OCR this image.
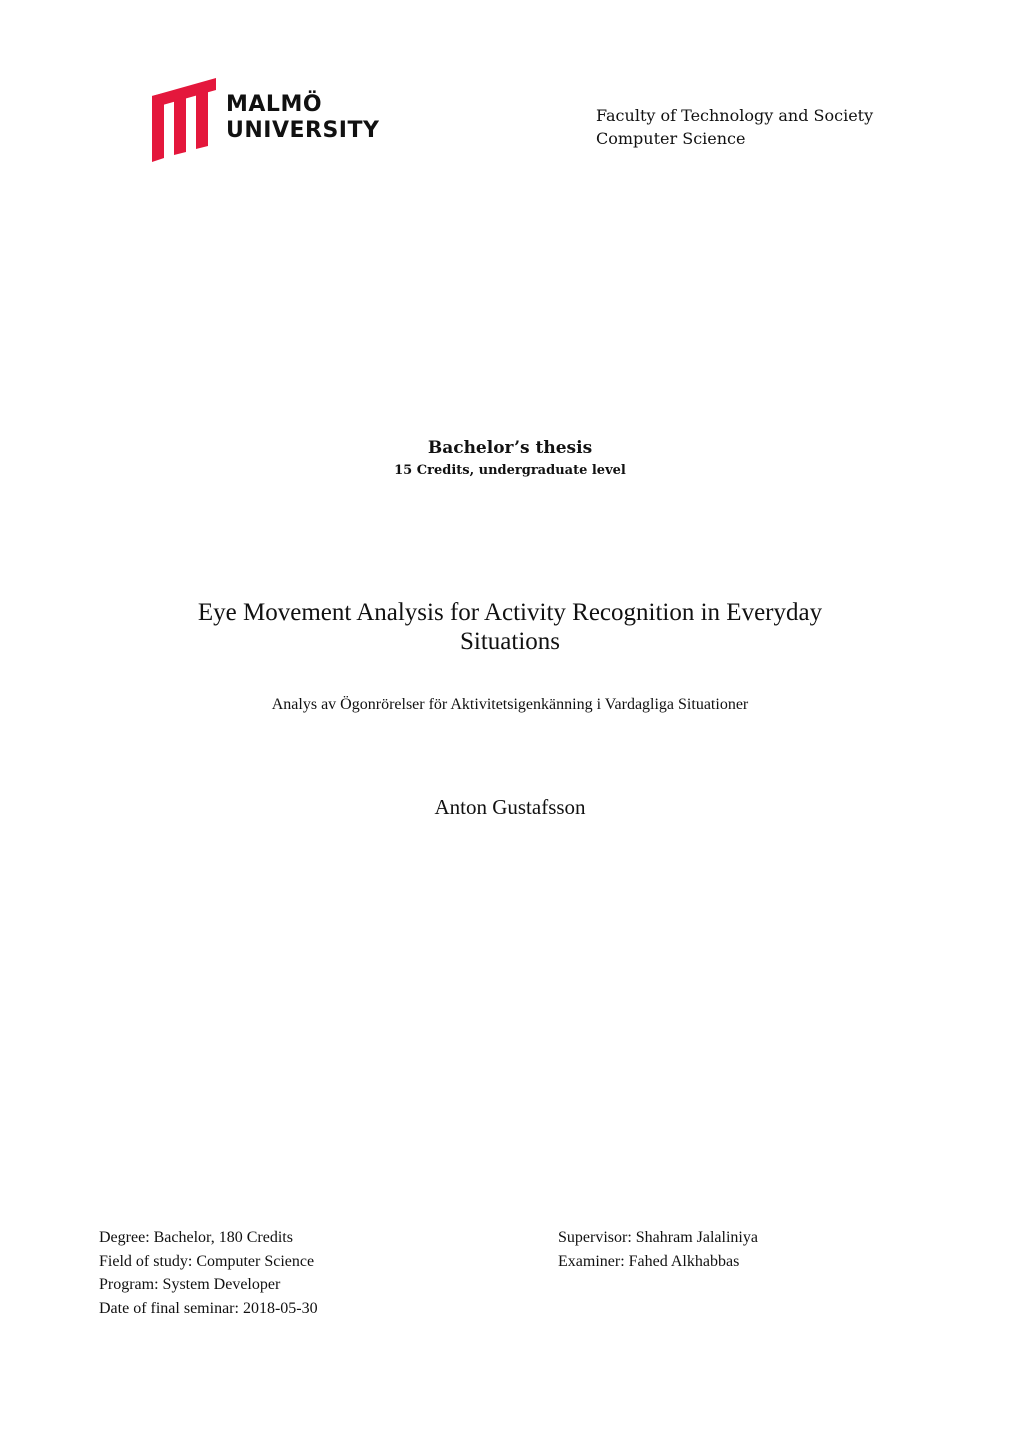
MALMÖ
UNIVERSITY
Faculty of Technology and Society
Computer Science
Bachelor’s thesis
15 Credits, undergraduate level
Eye Movement Analysis for Activity Recognition in Everyday
Situations
Analys av Ögonrörelser för Aktivitetsigenkänning i Vardagliga Situationer
Anton Gustafsson
Degree: Bachelor, 180 Credits
Field of study: Computer Science
Program: System Developer
Date of final seminar: 2018-05-30
Supervisor: Shahram Jalaliniya
Examiner: Fahed Alkhabbas
